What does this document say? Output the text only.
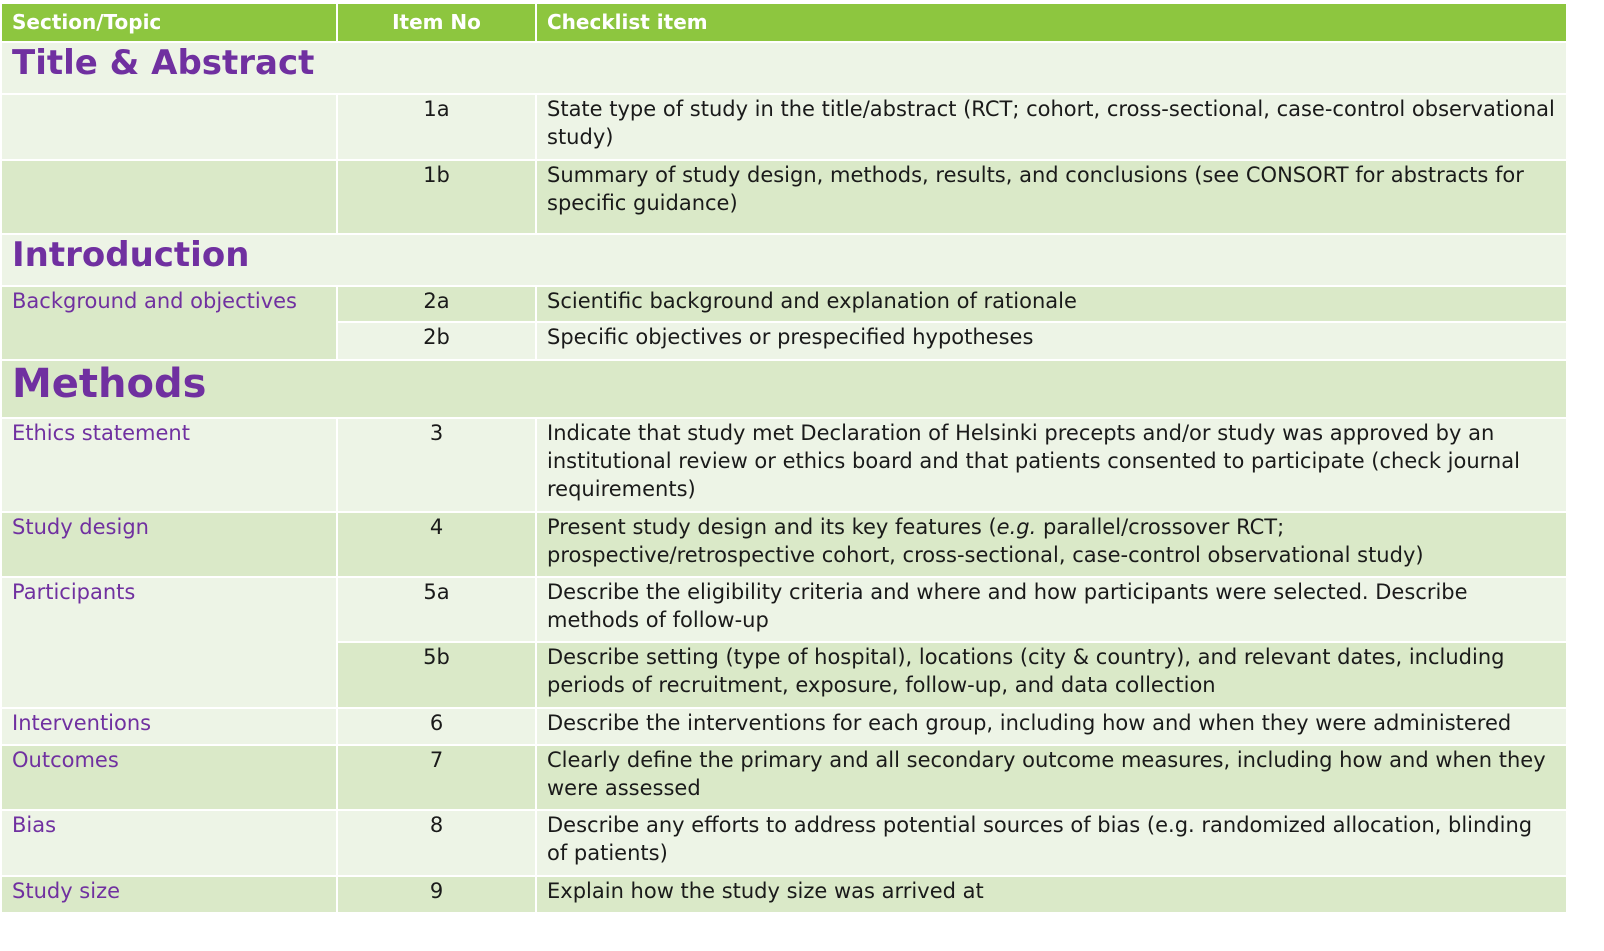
Section/Topic	Item No	Checklist item
Title & Abstract		
	1a	State type of study in the title/abstract (RCT; cohort, cross-sectional, case-control observational study)
	1b	Summary of study design, methods, results, and conclusions (see CONSORT for abstracts for specific guidance)
Introduction		
Background and objectives	2a	Scientific background and explanation of rationale
	2b	Specific objectives or prespecified hypotheses
Methods		
Ethics statement	3	Indicate that study met Declaration of Helsinki precepts and/or study was approved by an institutional review or ethics board and that patients consented to participate (check journal requirements)
Study design	4	Present study design and its key features (e.g. parallel/crossover RCT; prospective/retrospective cohort, cross-sectional, case-control observational study)
Participants	5a	Describe the eligibility criteria and where and how participants were selected. Describe methods of follow-up
	5b	Describe setting (type of hospital), locations (city & country), and relevant dates, including periods of recruitment, exposure, follow-up, and data collection
Interventions	6	Describe the interventions for each group, including how and when they were administered
Outcomes	7	Clearly define the primary and all secondary outcome measures, including how and when they were assessed
Bias	8	Describe any efforts to address potential sources of bias (e.g. randomized allocation, blinding of patients)
Study size	9	Explain how the study size was arrived at
